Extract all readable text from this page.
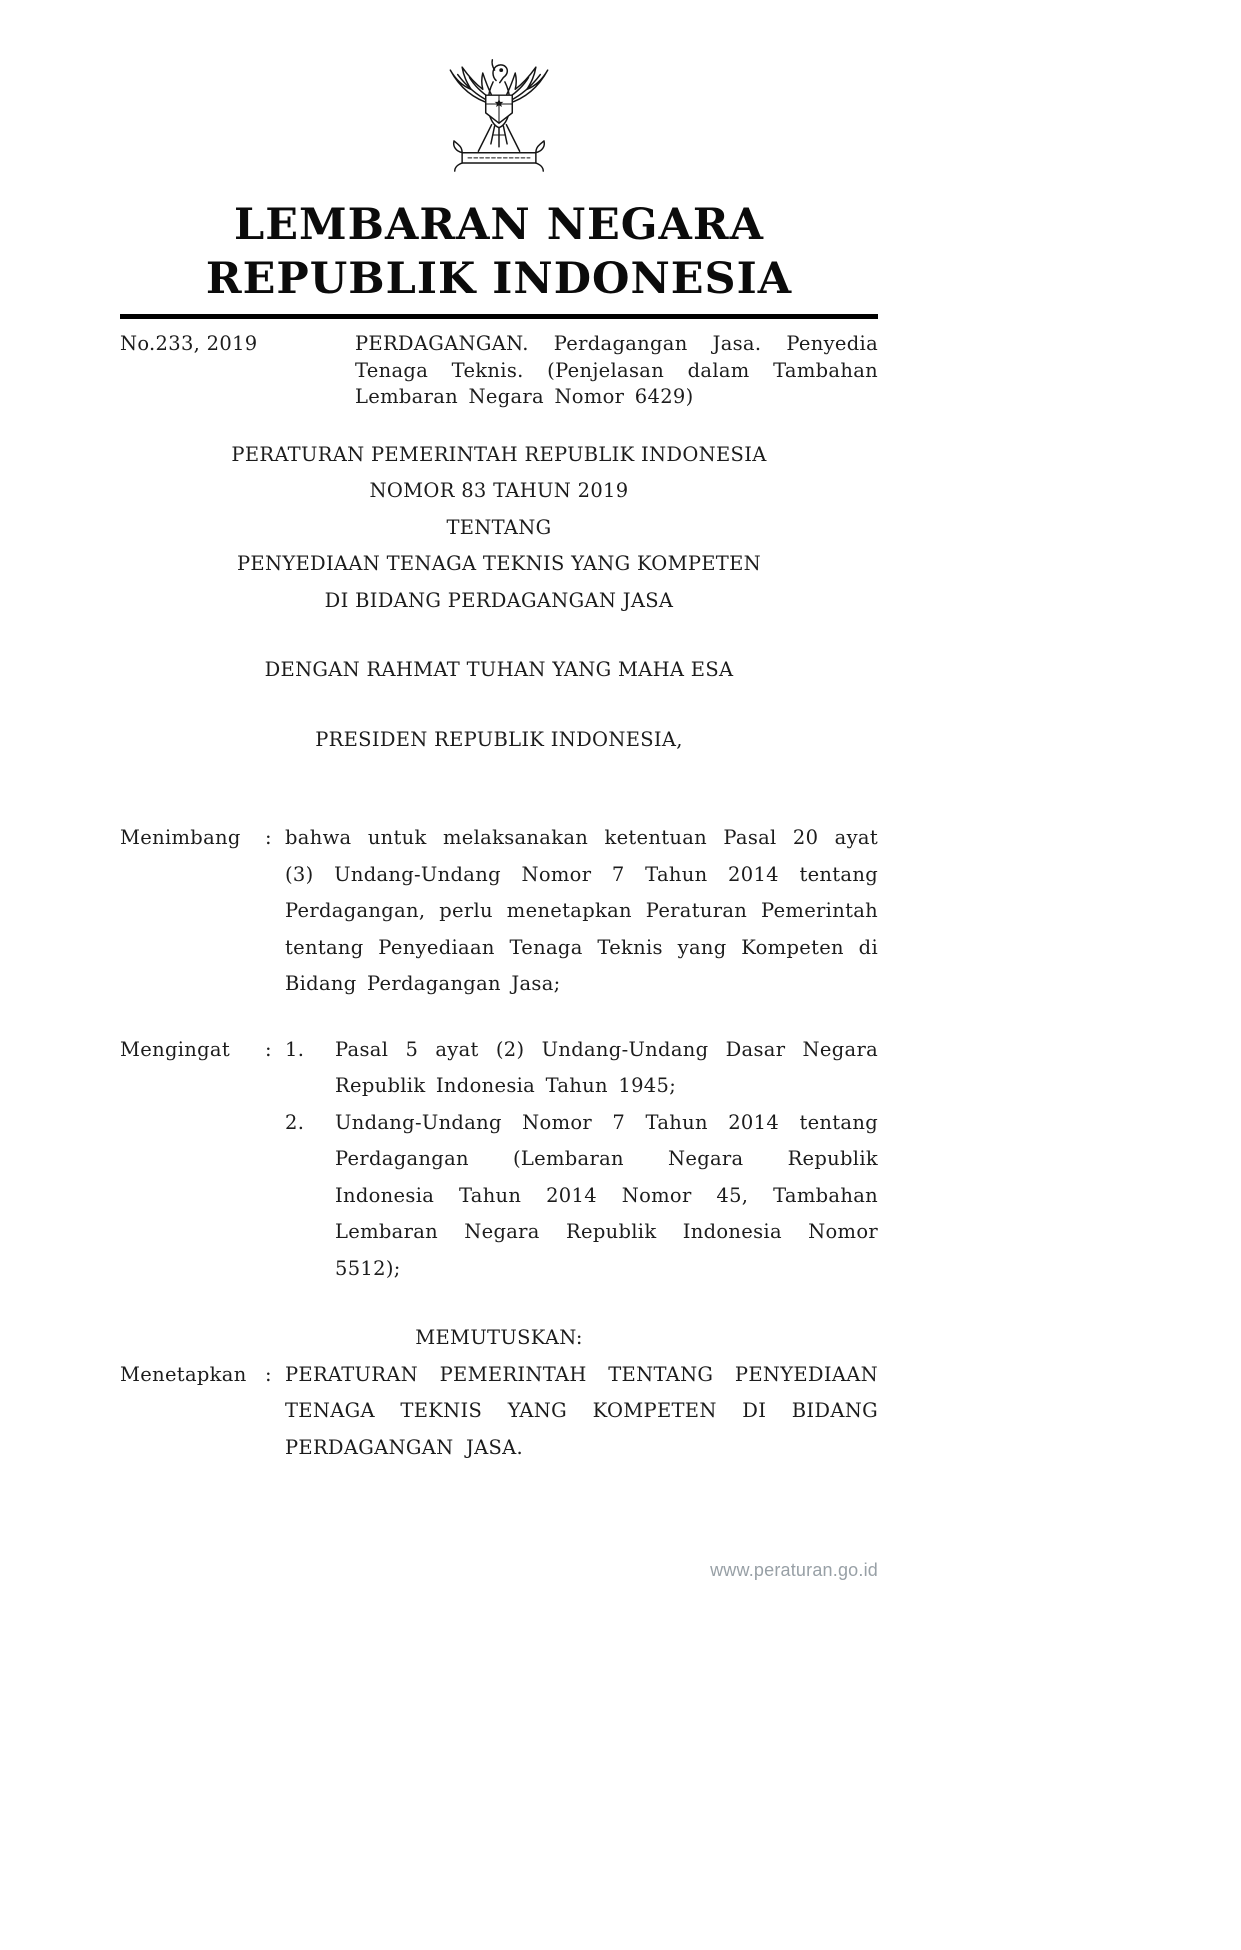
LEMBARAN NEGARA
REPUBLIK INDONESIA
No.233, 2019	PERDAGANGAN. Perdagangan Jasa. Penyedia Tenaga Teknis. (Penjelasan dalam Tambahan Lembaran Negara Nomor 6429)
PERATURAN PEMERINTAH REPUBLIK INDONESIA
NOMOR 83 TAHUN 2019
TENTANG
PENYEDIAAN TENAGA TEKNIS YANG KOMPETEN
DI BIDANG PERDAGANGAN JASA
DENGAN RAHMAT TUHAN YANG MAHA ESA
PRESIDEN REPUBLIK INDONESIA,
Menimbang	: bahwa untuk melaksanakan ketentuan Pasal 20 ayat (3) Undang-Undang Nomor 7 Tahun 2014 tentang Perdagangan, perlu menetapkan Peraturan Pemerintah tentang Penyediaan Tenaga Teknis yang Kompeten di Bidang Perdagangan Jasa;
Mengingat	: 1.	Pasal 5 ayat (2) Undang-Undang Dasar Negara Republik Indonesia Tahun 1945;
2.	Undang-Undang Nomor 7 Tahun 2014 tentang Perdagangan (Lembaran Negara Republik Indonesia Tahun 2014 Nomor 45, Tambahan Lembaran Negara Republik Indonesia Nomor 5512);
MEMUTUSKAN:
Menetapkan : PERATURAN PEMERINTAH TENTANG PENYEDIAAN TENAGA TEKNIS YANG KOMPETEN DI BIDANG PERDAGANGAN JASA.
www.peraturan.go.id
